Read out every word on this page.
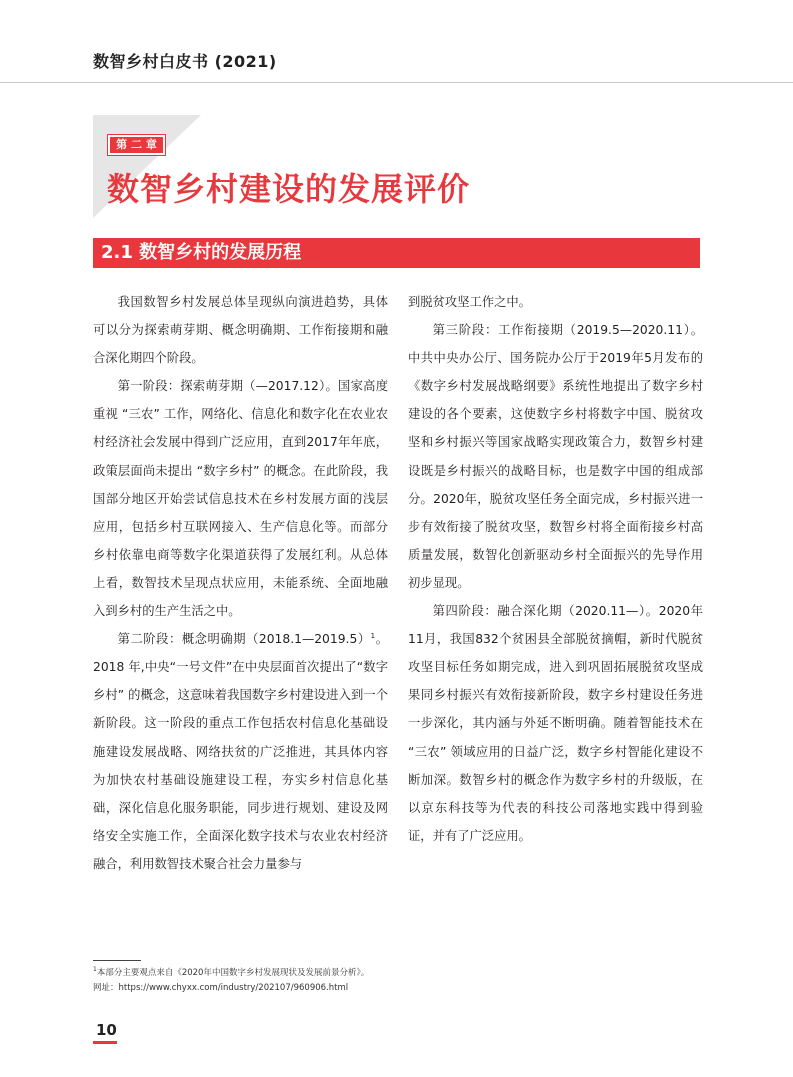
数智乡村白皮书 (2021)
第 二 章
数智乡村建设的发展评价
2.1 数智乡村的发展历程

我国数智乡村发展总体呈现纵向演进趋势，具体可以分为探索萌芽期、概念明确期、工作衔接期和融合深化期四个阶段。

第一阶段：探索萌芽期（—2017.12）。国家高度重视 “三农” 工作，网络化、信息化和数字化在农业农村经济社会发展中得到广泛应用，直到2017年年底，政策层面尚未提出 “数字乡村” 的概念。在此阶段，我国部分地区开始尝试信息技术在乡村发展方面的浅层应用，包括乡村互联网接入、生产信息化等。而部分乡村依靠电商等数字化渠道获得了发展红利。从总体上看，数智技术呈现点状应用，未能系统、全面地融入到乡村的生产生活之中。

第二阶段：概念明确期（2018.1—2019.5）$^1$。2018 年,中央“一号文件”在中央层面首次提出了“数字乡村” 的概念，这意味着我国数字乡村建设进入到一个新阶段。这一阶段的重点工作包括农村信息化基础设施建设发展战略、网络扶贫的广泛推进，其具体内容为加快农村基础设施建设工程，夯实乡村信息化基础，深化信息化服务职能，同步进行规划、建设及网络安全实施工作，全面深化数字技术与农业农村经济融合，利用数智技术聚合社会力量参与

到脱贫攻坚工作之中。

第三阶段：工作衔接期（2019.5—2020.11）。中共中央办公厅、国务院办公厅于2019年5月发布的《数字乡村发展战略纲要》系统性地提出了数字乡村建设的各个要素，这使数字乡村将数字中国、脱贫攻坚和乡村振兴等国家战略实现政策合力，数智乡村建设既是乡村振兴的战略目标，也是数字中国的组成部分。2020年，脱贫攻坚任务全面完成，乡村振兴进一步有效衔接了脱贫攻坚，数智乡村将全面衔接乡村高质量发展，数智化创新驱动乡村全面振兴的先导作用初步显现。

第四阶段：融合深化期（2020.11—）。2020年11月，我国832个贫困县全部脱贫摘帽，新时代脱贫攻坚目标任务如期完成，进入到巩固拓展脱贫攻坚成果同乡村振兴有效衔接新阶段，数字乡村建设任务进一步深化，其内涵与外延不断明确。随着智能技术在 “三农” 领域应用的日益广泛，数字乡村智能化建设不断加深。数智乡村的概念作为数字乡村的升级版，在以京东科技等为代表的科技公司落地实践中得到验证，并有了广泛应用。

$^1$本部分主要观点来自《2020年中国数字乡村发展现状及发展前景分析》。
网址：https://www.chyxx.com/industry/202107/960906.html
10
